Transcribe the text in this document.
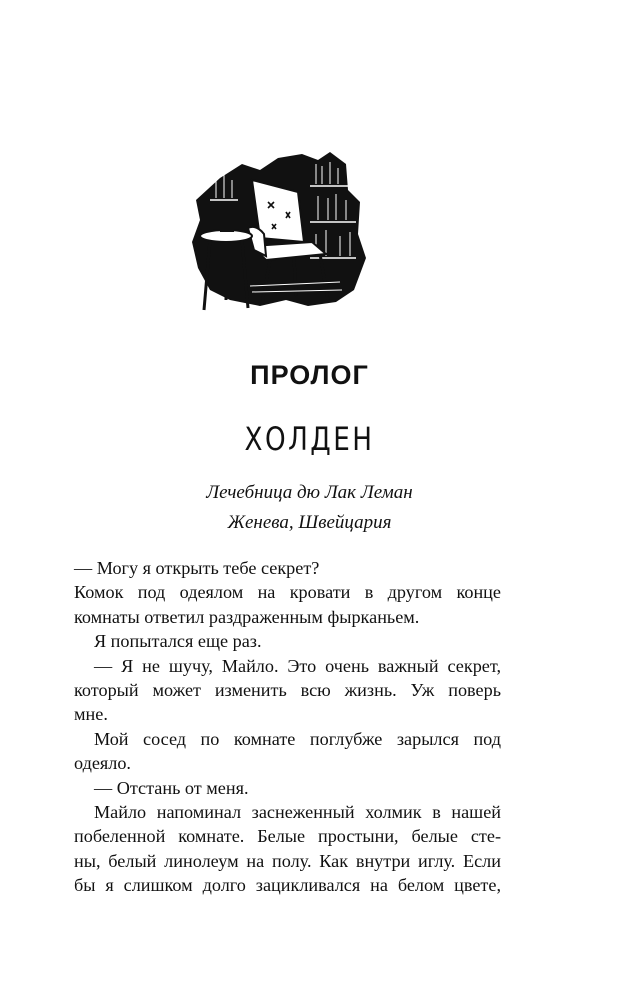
ПРОЛОГ
ХОЛДЕН
Лечебница дю Лак Леман
Женева, Швейцария
— Могу я открыть тебе секрет?
Комок под одеялом на кровати в другом конце
комнаты ответил раздраженным фырканьем.
Я попытался еще раз.
— Я не шучу, Майло. Это очень важный секрет,
который может изменить всю жизнь. Уж поверь
мне.
Мой сосед по комнате поглубже зарылся под
одеяло.
— Отстань от меня.
Майло напоминал заснеженный холмик в нашей
побеленной комнате. Белые простыни, белые сте-
ны, белый линолеум на полу. Как внутри иглу. Если
бы я слишком долго зацикливался на белом цвете,
